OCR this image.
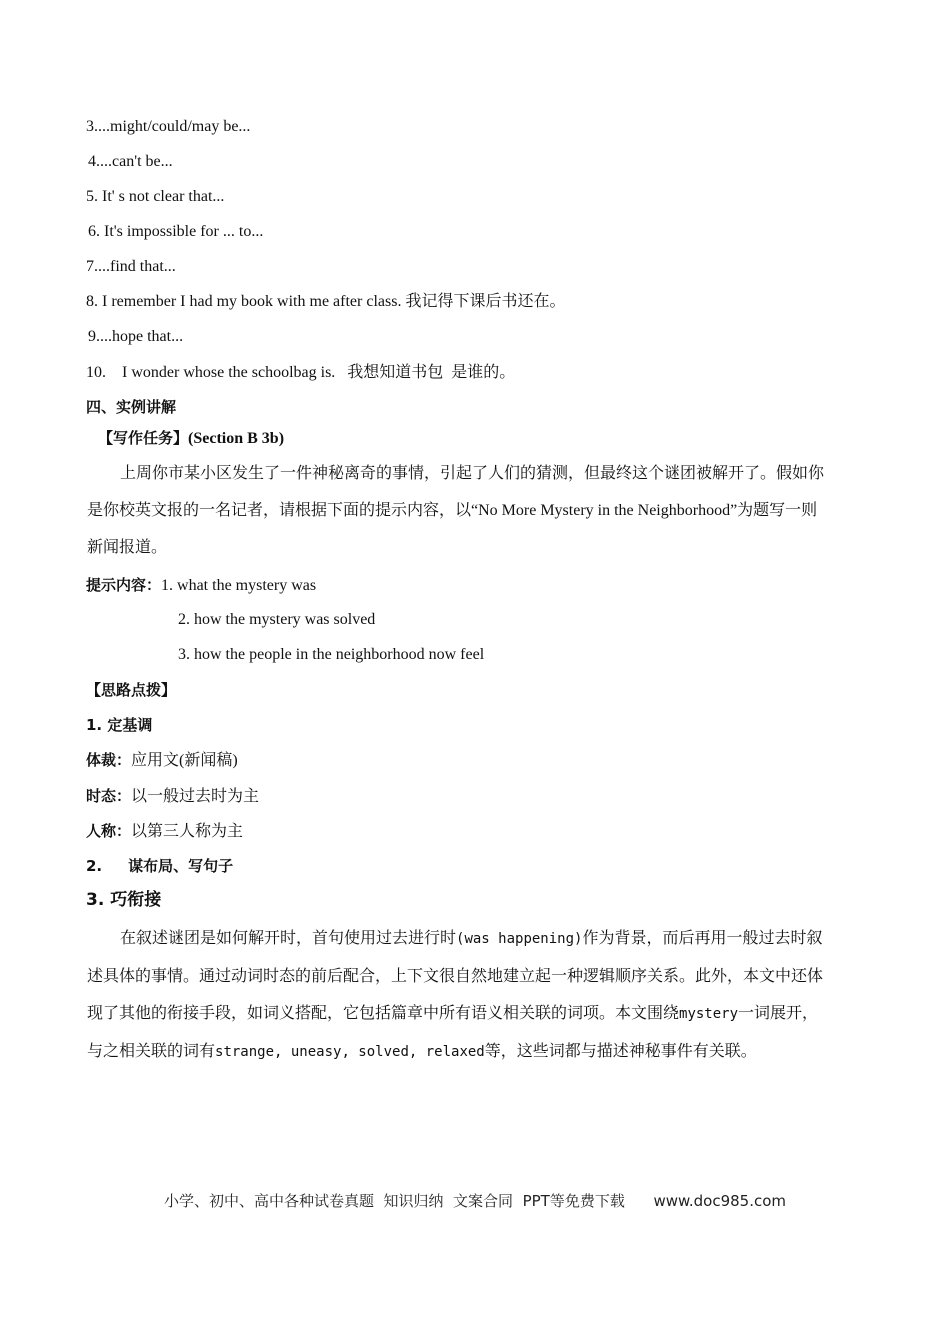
3....might/could/may be...
4....can't be...
5. It' s not clear that...
6. It's impossible for ... to...
7....find that...
8. I remember I had my book with me after class. 我记得下课后书还在。
9....hope that...
10.    I wonder whose the schoolbag is.   我想知道书包  是谁的。
四、实例讲解
【写作任务】(Section B 3b)
上周你市某小区发生了一件神秘离奇的事情，引起了人们的猜测，但最终这个谜团被解开了。假如你
是你校英文报的一名记者，请根据下面的提示内容，以“No More Mystery in the Neighborhood”为题写一则
新闻报道。
提示内容：1. what the mystery was
2. how the mystery was solved
3. how the people in the neighborhood now feel
【思路点拨】
1. 定基调
体裁：应用文(新闻稿)
时态：以一般过去时为主
人称：以第三人称为主
2. 谋布局、写句子
3. 巧衔接
在叙述谜团是如何解开时，首句使用过去进行时(was happening)作为背景，而后再用一般过去时叙
述具体的事情。通过动词时态的前后配合，上下文很自然地建立起一种逻辑顺序关系。此外，本文中还体
现了其他的衔接手段，如词义搭配，它包括篇章中所有语义相关联的词项。本文围绕mystery一词展开，
与之相关联的词有strange, uneasy, solved, relaxed等，这些词都与描述神秘事件有关联。
小学、初中、高中各种试卷真题  知识归纳  文案合同  PPT等免费下载      www.doc985.com
